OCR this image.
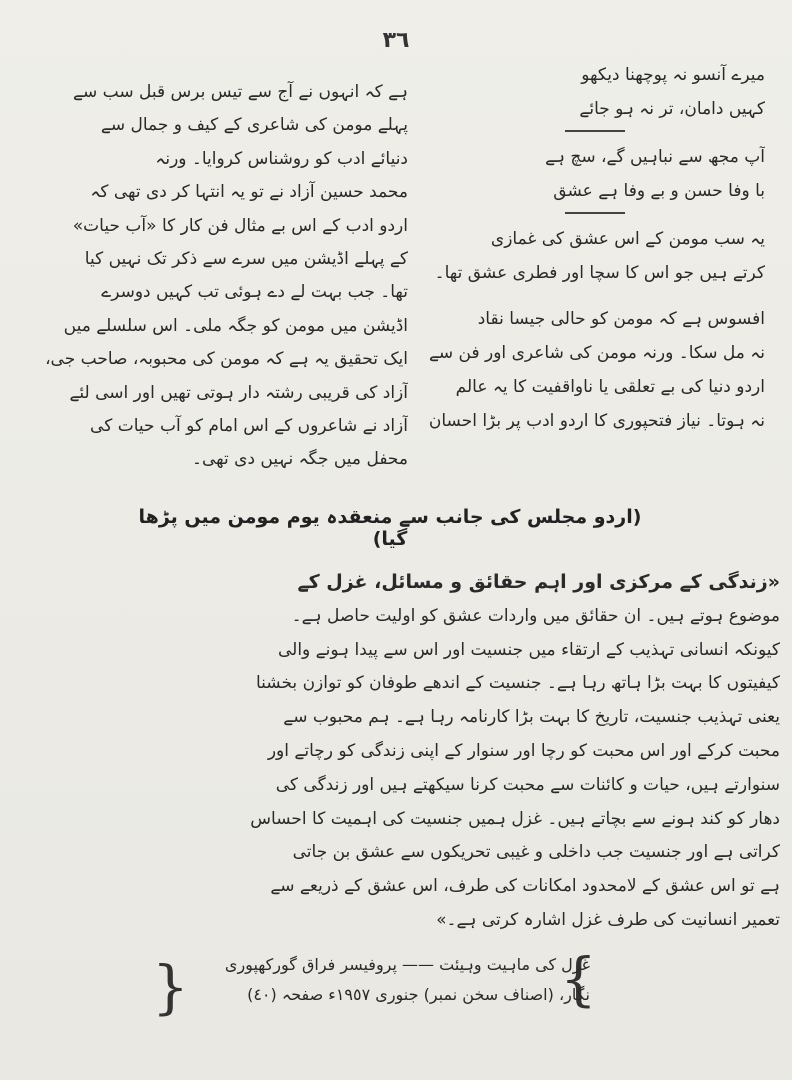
٣٦
میرے آنسو نہ پوچھنا دیکھو
کہیں دامان، تر نہ ہو جائے
آپ مجھ سے نباہیں گے، سچ ہے
با وفا حسن و بے وفا ہے عشق
یہ سب مومن کے اس عشق کی غمازی
کرتے ہیں جو اس کا سچا اور فطری عشق تھا۔
افسوس ہے کہ مومن کو حالی جیسا نقاد
نہ مل سکا۔ ورنہ مومن کی شاعری اور فن سے
اردو دنیا کی بے تعلقی یا ناواقفیت کا یہ عالم
نہ ہوتا۔ نیاز فتحپوری کا اردو ادب پر بڑا احسان
ہے کہ انہوں نے آج سے تیس برس قبل سب سے
پہلے مومن کی شاعری کے کیف و جمال سے
دنیائے ادب کو روشناس کروایا۔ ورنہ
محمد حسین آزاد نے تو یہ انتہا کر دی تھی کہ
اردو ادب کے اس بے مثال فن کار کا «آب حیات»
کے پہلے اڈیشن میں سرے سے ذکر تک نہیں کیا
تھا۔ جب بہت لے دے ہوئی تب کہیں دوسرے
اڈیشن میں مومن کو جگہ ملی۔ اس سلسلے میں
ایک تحقیق یہ ہے کہ مومن کی محبوبہ، صاحب جی،
آزاد کی قریبی رشتہ دار ہوتی تھیں اور اسی لئے
آزاد نے شاعروں کے اس امام کو آب حیات کی
محفل میں جگہ نہیں دی تھی۔
(اردو مجلس کی جانب سے منعقدہ یوم مومن میں پڑھا گیا)
«زندگی کے مرکزی اور اہم حقائق و مسائل، غزل کے
موضوع ہوتے ہیں۔ ان حقائق میں واردات عشق کو اولیت حاصل ہے۔
کیونکہ انسانی تہذیب کے ارتقاء میں جنسیت اور اس سے پیدا ہونے والی
کیفیتوں کا بہت بڑا ہاتھ رہا ہے۔ جنسیت کے اندھے طوفان کو توازن بخشنا
یعنی تہذیب جنسیت، تاریخ کا بہت بڑا کارنامہ رہا ہے۔ ہم محبوب سے
محبت کرکے اور اس محبت کو رچا اور سنوار کے اپنی زندگی کو رچاتے اور
سنوارتے ہیں، حیات و کائنات سے محبت کرنا سیکھتے ہیں اور زندگی کی
دھار کو کند ہونے سے بچاتے ہیں۔ غزل ہمیں جنسیت کی اہمیت کا احساس
کراتی ہے اور جنسیت جب داخلی و غیبی تحریکوں سے عشق بن جاتی
ہے تو اس عشق کے لامحدود امکانات کی طرف، اس عشق کے ذریعے سے
تعمیر انسانیت کی طرف غزل اشارہ کرتی ہے۔»
{
غزل کی ماہیت وہیئت —— پروفیسر فراق گورکھپوری
نگار، (اصناف سخن نمبر) جنوری ١٩٥٧ء صفحہ (٤٠)
}
